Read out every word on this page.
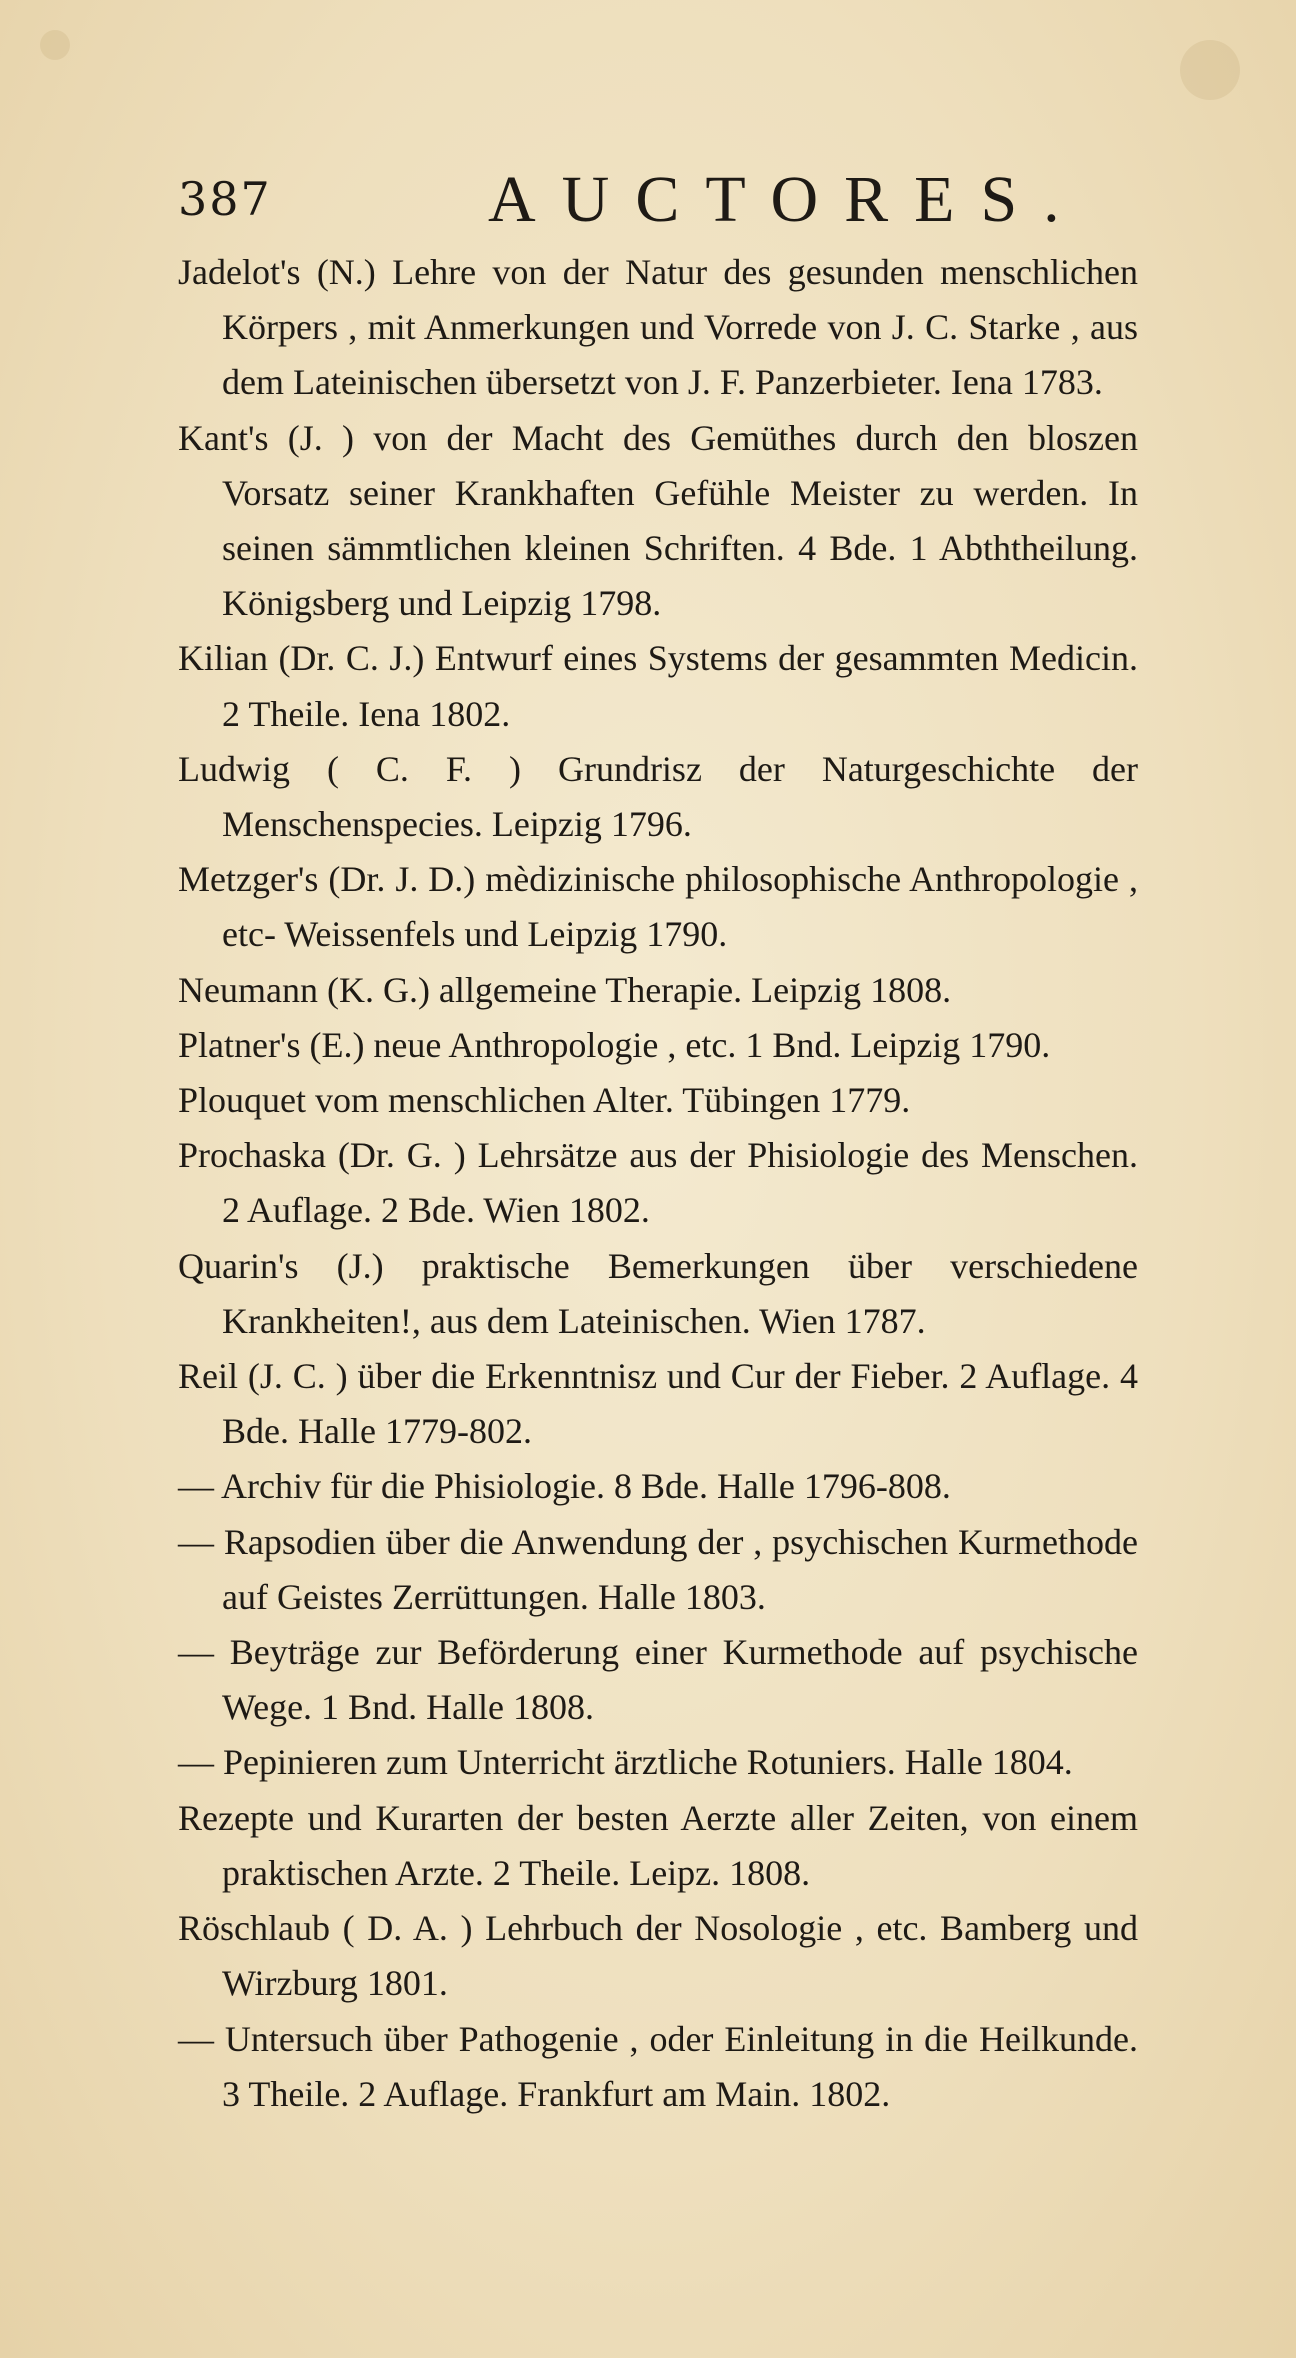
387	AUCTORES.

Jadelot's (N.) Lehre von der Natur des gesunden menschlichen Körpers , mit Anmerkungen und Vorrede von J. C. Starke , aus dem Lateinischen übersetzt von J. F. Panzerbieter. Iena 1783.

Kant's (J. ) von der Macht des Gemüthes durch den bloszen Vorsatz seiner Krankhaften Gefühle Meister zu werden. In seinen sämmtlichen kleinen Schriften. 4 Bde. 1 Abththeilung. Königsberg und Leipzig 1798.

Kilian (Dr. C. J.) Entwurf eines Systems der gesammten Medicin. 2 Theile. Iena 1802.

Ludwig ( C. F. ) Grundrisz der Naturgeschichte der Menschenspecies. Leipzig 1796.

Metzger's (Dr. J. D.) mèdizinische philosophische Anthropologie , etc- Weissenfels und Leipzig 1790.

Neumann (K. G.) allgemeine Therapie. Leipzig 1808.

Platner's (E.) neue Anthropologie , etc. 1 Bnd. Leipzig 1790.

Plouquet vom menschlichen Alter. Tübingen 1779.

Prochaska (Dr. G. ) Lehrsätze aus der Phisiologie des Menschen. 2 Auflage. 2 Bde. Wien 1802.

Quarin's (J.) praktische Bemerkungen über verschiedene Krankheiten!, aus dem Lateinischen. Wien 1787.

Reil (J. C. ) über die Erkenntnisz und Cur der Fieber. 2 Auflage. 4 Bde. Halle 1779-802.

— Archiv für die Phisiologie. 8 Bde. Halle 1796-808.

— Rapsodien über die Anwendung der , psychischen Kurmethode auf Geistes Zerrüttungen. Halle 1803.

— Beyträge zur Beförderung einer Kurmethode auf psychische Wege. 1 Bnd. Halle 1808.

— Pepinieren zum Unterricht ärztliche Rotuniers. Halle 1804.

Rezepte und Kurarten der besten Aerzte aller Zeiten, von einem praktischen Arzte. 2 Theile. Leipz. 1808.

Röschlaub ( D. A. ) Lehrbuch der Nosologie , etc. Bamberg und Wirzburg 1801.

— Untersuch über Pathogenie , oder Einleitung in die Heilkunde. 3 Theile. 2 Auflage. Frankfurt am Main. 1802.
